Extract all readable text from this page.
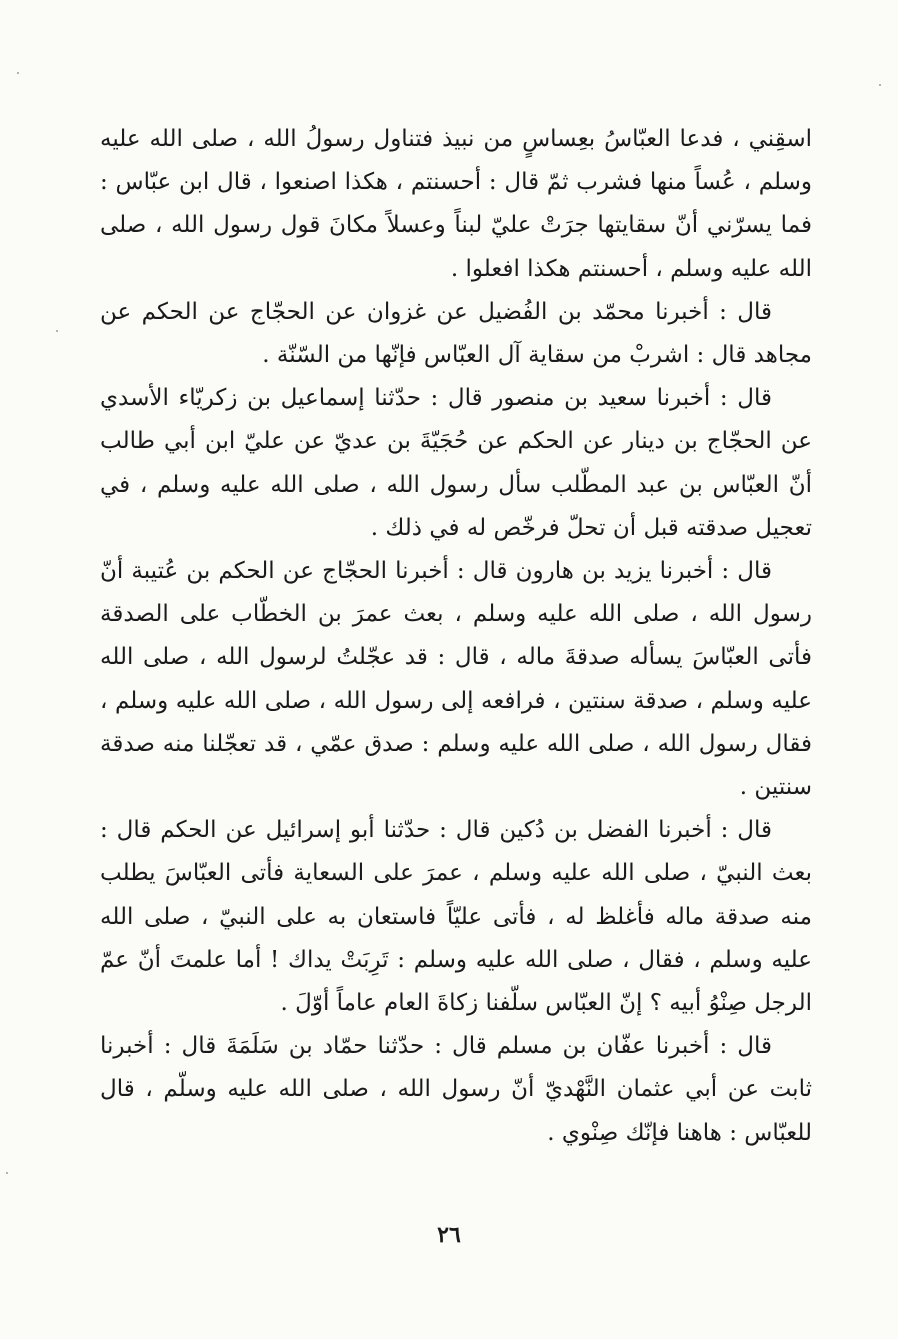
اسقِني ، فدعا العبّاسُ بعِساسٍ من نبيذ فتناول رسولُ الله ، صلى الله عليه وسلم ، عُساً منها فشرب ثمّ قال : أحسنتم ، هكذا اصنعوا ، قال ابن عبّاس : فما يسرّني أنّ سقايتها جرَتْ عليّ لبناً وعسلاً مكانَ قول رسول الله ، صلى الله عليه وسلم ، أحسنتم هكذا افعلوا .

قال : أخبرنا محمّد بن الفُضيل عن غزوان عن الحجّاج عن الحكم عن مجاهد قال : اشربْ من سقاية آل العبّاس فإنّها من السّنّة .

قال : أخبرنا سعيد بن منصور قال : حدّثنا إسماعيل بن زكريّاء الأسدي عن الحجّاج بن دينار عن الحكم عن حُجَيّةَ بن عديّ عن عليّ ابن أبي طالب أنّ العبّاس بن عبد المطّلب سأل رسول الله ، صلى الله عليه وسلم ، في تعجيل صدقته قبل أن تحلّ فرخّص له في ذلك .

قال : أخبرنا يزيد بن هارون قال : أخبرنا الحجّاج عن الحكم بن عُتيبة أنّ رسول الله ، صلى الله عليه وسلم ، بعث عمرَ بن الخطّاب على الصدقة فأتى العبّاسَ يسأله صدقةَ ماله ، قال : قد عجّلتُ لرسول الله ، صلى الله عليه وسلم ، صدقة سنتين ، فرافعه إلى رسول الله ، صلى الله عليه وسلم ، فقال رسول الله ، صلى الله عليه وسلم : صدق عمّي ، قد تعجّلنا منه صدقة سنتين .

قال : أخبرنا الفضل بن دُكين قال : حدّثنا أبو إسرائيل عن الحكم قال : بعث النبيّ ، صلى الله عليه وسلم ، عمرَ على السعاية فأتى العبّاسَ يطلب منه صدقة ماله فأغلظ له ، فأتى عليّاً فاستعان به على النبيّ ، صلى الله عليه وسلم ، فقال ، صلى الله عليه وسلم : تَرِبَتْ يداك ! أما علمتَ أنّ عمّ الرجل صِنْوُ أبيه ؟ إنّ العبّاس سلّفنا زكاةَ العام عاماً أوّلَ .

قال : أخبرنا عفّان بن مسلم قال : حدّثنا حمّاد بن سَلَمَةَ قال : أخبرنا ثابت عن أبي عثمان النَّهْديّ أنّ رسول الله ، صلى الله عليه وسلّم ، قال للعبّاس : هاهنا فإنّك صِنْوي .

٢٦
